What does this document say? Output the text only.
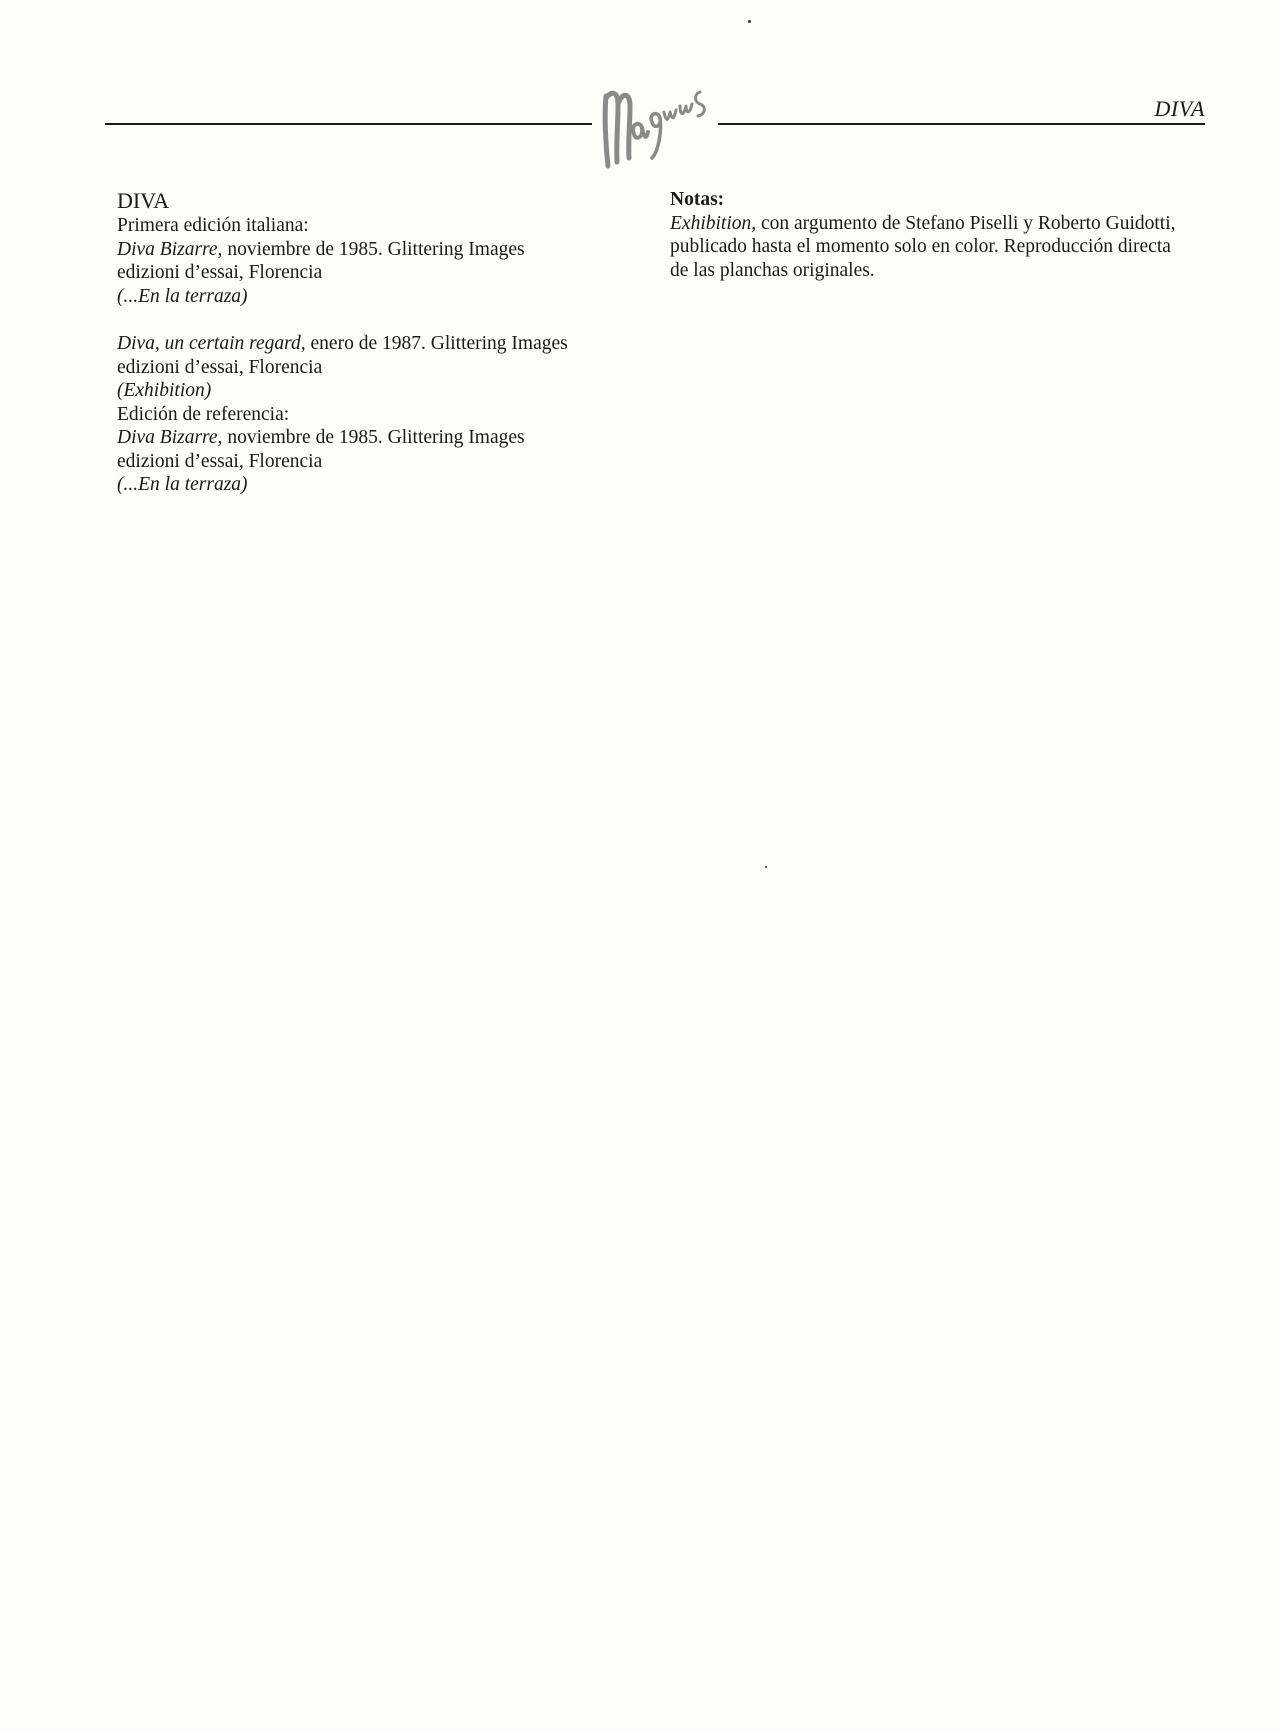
DIVA
DIVA
Primera edición italiana:
Diva Bizarre, noviembre de 1985. Glittering Images
edizioni d’essai, Florencia
(...En la terraza)
Diva, un certain regard, enero de 1987. Glittering Images
edizioni d’essai, Florencia
(Exhibition)
Edición de referencia:
Diva Bizarre, noviembre de 1985. Glittering Images
edizioni d’essai, Florencia
(...En la terraza)
Notas:
Exhibition, con argumento de Stefano Piselli y Roberto Guidotti,
publicado hasta el momento solo en color. Reproducción directa
de las planchas originales.
